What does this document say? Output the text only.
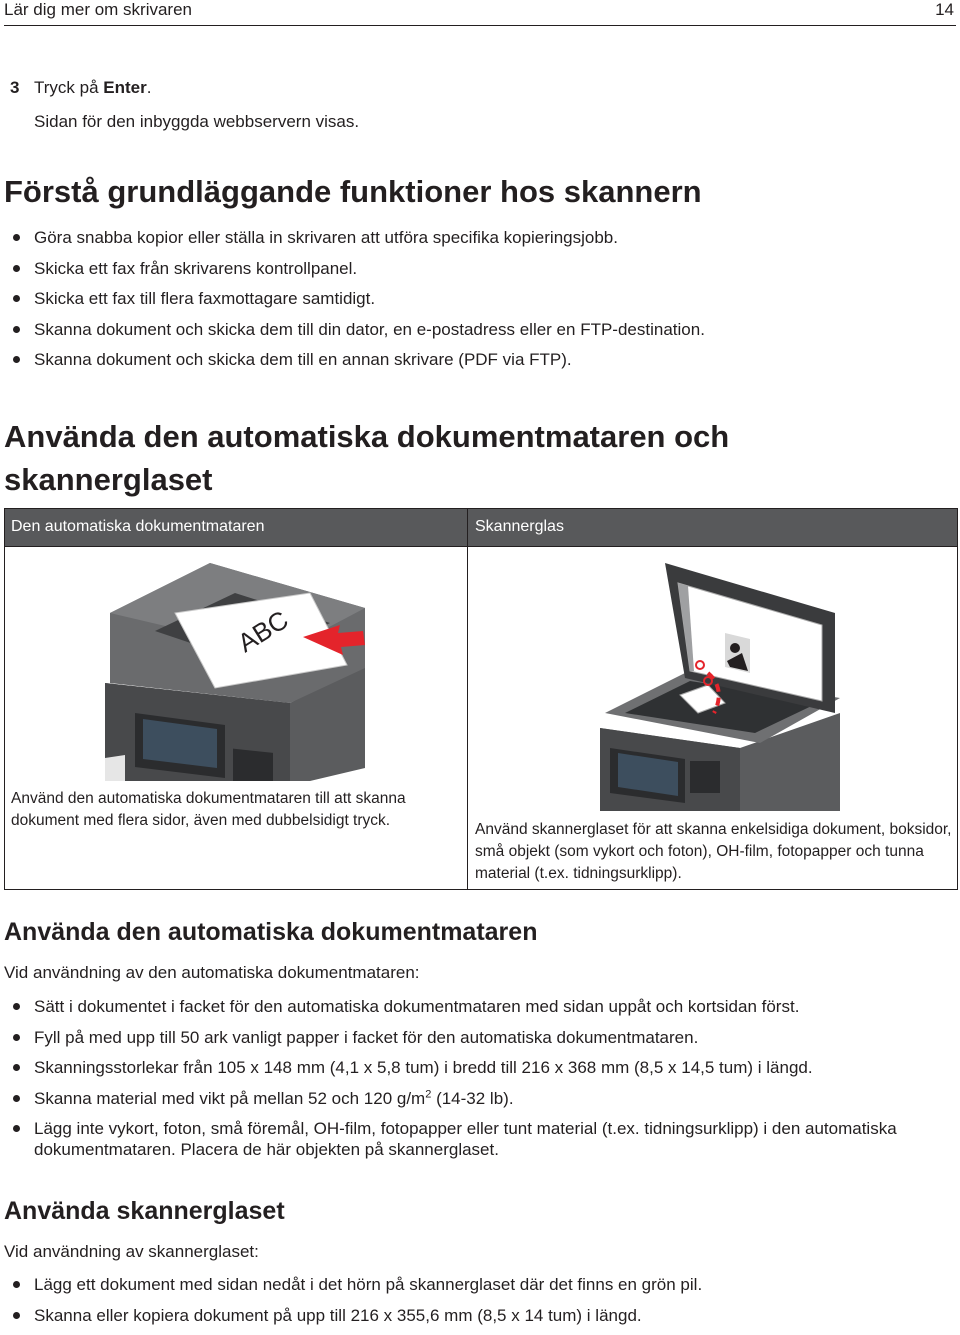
Lär dig mer om skrivaren	14
3 Tryck på Enter.
Sidan för den inbyggda webbservern visas.
Förstå grundläggande funktioner hos skannern
Göra snabba kopior eller ställa in skrivaren att utföra specifika kopieringsjobb.
Skicka ett fax från skrivarens kontrollpanel.
Skicka ett fax till flera faxmottagare samtidigt.
Skanna dokument och skicka dem till din dator, en e-postadress eller en FTP-destination.
Skanna dokument och skicka dem till en annan skrivare (PDF via FTP).
Använda den automatiska dokumentmataren och
skannerglaset
Den automatiska dokumentmataren	Skannerglas
ABC
Använd den automatiska dokumentmataren till att skanna dokument med flera sidor, även med dubbelsidigt tryck.
Använd skannerglaset för att skanna enkelsidiga dokument, boksidor, små objekt (som vykort och foton), OH-film, fotopapper och tunna material (t.ex. tidningsurklipp).
Använda den automatiska dokumentmataren
Vid användning av den automatiska dokumentmataren:
Sätt i dokumentet i facket för den automatiska dokumentmataren med sidan uppåt och kortsidan först.
Fyll på med upp till 50 ark vanligt papper i facket för den automatiska dokumentmataren.
Skanningsstorlekar från 105 x 148 mm (4,1 x 5,8 tum) i bredd till 216 x 368 mm (8,5 x 14,5 tum) i längd.
Skanna material med vikt på mellan 52 och 120 $g/m^2$ (14-32 lb).
Lägg inte vykort, foton, små föremål, OH-film, fotopapper eller tunt material (t.ex. tidningsurklipp) i den automatiska dokumentmataren. Placera de här objekten på skannerglaset.
Använda skannerglaset
Vid användning av skannerglaset:
Lägg ett dokument med sidan nedåt i det hörn på skannerglaset där det finns en grön pil.
Skanna eller kopiera dokument på upp till 216 x 355,6 mm (8,5 x 14 tum) i längd.
